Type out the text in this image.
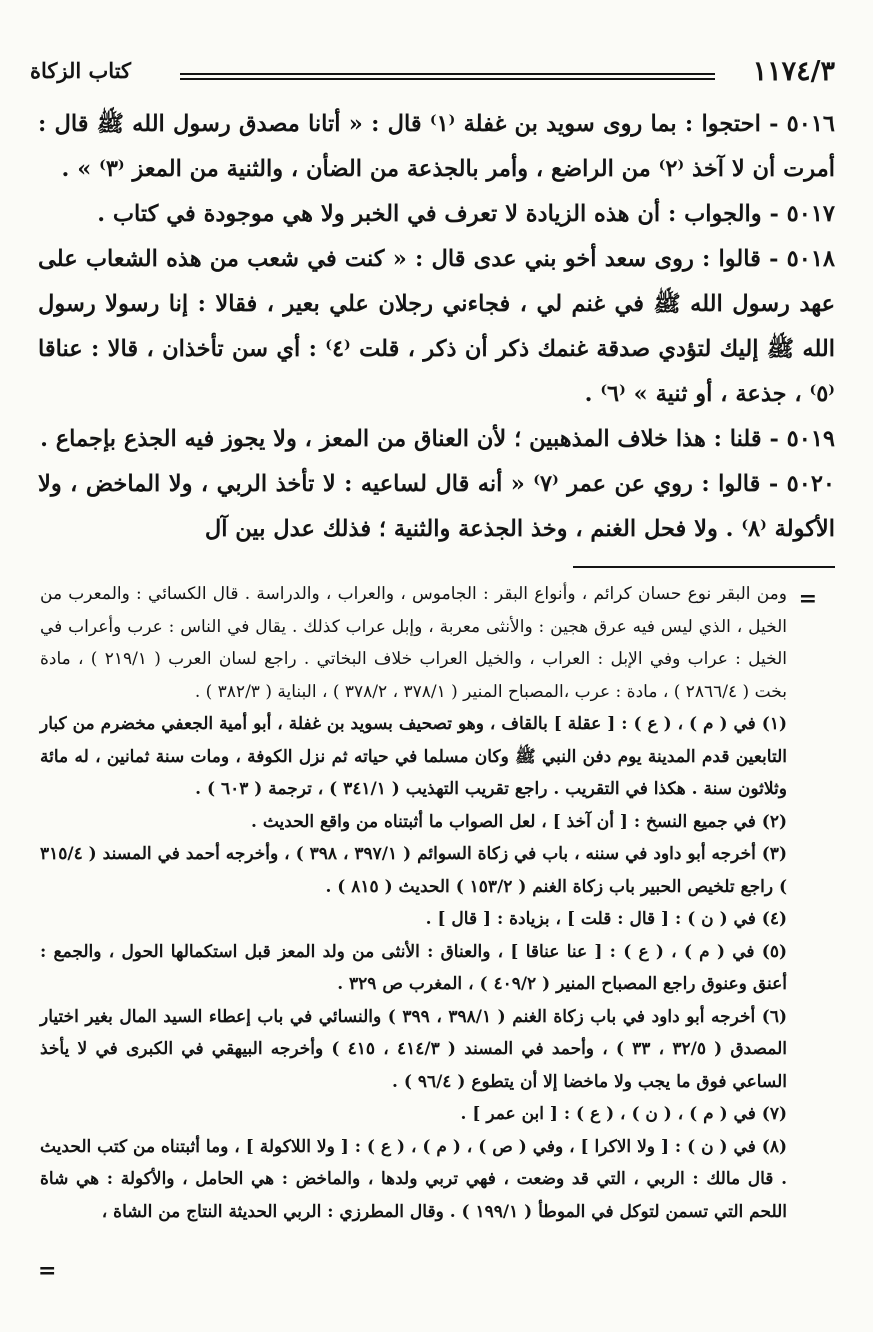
١١٧٤/٣
كتاب الزكاة

٥٠١٦ - احتجوا : بما روى سويد بن غفلة ⁽١⁾ قال : « أتانا مصدق رسول الله ﷺ قال : أمرت أن لا آخذ ⁽٢⁾ من الراضع ، وأمر بالجذعة من الضأن ، والثنية من المعز ⁽٣⁾ » .

٥٠١٧ - والجواب : أن هذه الزيادة لا تعرف في الخبر ولا هي موجودة في كتاب .

٥٠١٨ - قالوا : روى سعد أخو بني عدى قال : « كنت في شعب من هذه الشعاب على عهد رسول الله ﷺ في غنم لي ، فجاءني رجلان علي بعير ، فقالا : إنا رسولا رسول الله ﷺ إليك لتؤدي صدقة غنمك ذكر أن ذكر ، قلت ⁽٤⁾ : أي سن تأخذان ، قالا : عناقا ⁽٥⁾ ، جذعة ، أو ثنية » ⁽٦⁾ .

٥٠١٩ - قلنا : هذا خلاف المذهبين ؛ لأن العناق من المعز ، ولا يجوز فيه الجذع بإجماع .

٥٠٢٠ - قالوا : روي عن عمر ⁽٧⁾ « أنه قال لساعيه : لا تأخذ الربي ، ولا الماخض ، ولا الأكولة ⁽٨⁾ . ولا فحل الغنم ، وخذ الجذعة والثنية ؛ فذلك عدل بين آل

=
=

ومن البقر نوع حسان كرائم ، وأنواع البقر : الجاموس ، والعراب ، والدراسة . قال الكسائي : والمعرب من الخيل ، الذي ليس فيه عرق هجين : والأنثى معربة ، وإبل عراب كذلك . يقال في الناس : عرب وأعراب في الخيل : عراب وفي الإبل : العراب ، والخيل العراب خلاف البخاتي . راجع لسان العرب ( ٢١٩/١ ) ، مادة بخت ( ٢٨٦٦/٤ ) ، مادة : عرب ،المصباح المنير ( ٣٧٨/١ ، ٣٧٨/٢ ) ، البناية ( ٣٨٢/٣ ) .

(١) في ( م ) ، ( ع ) : [ عقلة ] بالقاف ، وهو تصحيف بسويد بن غفلة ، أبو أمية الجعفي مخضرم من كبار التابعين قدم المدينة يوم دفن النبي ﷺ وكان مسلما في حياته ثم نزل الكوفة ، ومات سنة ثمانين ، له مائة وثلاثون سنة . هكذا في التقريب . راجع تقريب التهذيب ( ٣٤١/١ ) ، ترجمة ( ٦٠٣ ) .

(٢) في جميع النسخ : [ أن آخذ ] ، لعل الصواب ما أثبتناه من واقع الحديث .

(٣) أخرجه أبو داود في سننه ، باب في زكاة السوائم ( ٣٩٧/١ ، ٣٩٨ ) ، وأخرجه أحمد في المسند ( ٣١٥/٤ ) راجع تلخيص الحبير باب زكاة الغنم ( ١٥٣/٢ ) الحديث ( ٨١٥ ) .

(٤) في ( ن ) : [ قال : قلت ] ، بزيادة : [ قال ] .

(٥) في ( م ) ، ( ع ) : [ عنا عناقا ] ، والعناق : الأنثى من ولد المعز قبل استكمالها الحول ، والجمع : أعنق وعنوق راجع المصباح المنير ( ٤٠٩/٢ ) ، المغرب ص ٣٢٩ .

(٦) أخرجه أبو داود في باب زكاة الغنم ( ٣٩٨/١ ، ٣٩٩ ) والنسائي في باب إعطاء السيد المال بغير اختيار المصدق ( ٣٢/٥ ، ٣٣ ) ، وأحمد في المسند ( ٤١٤/٣ ، ٤١٥ ) وأخرجه البيهقي في الكبرى في لا يأخذ الساعي فوق ما يجب ولا ماخضا إلا أن يتطوع ( ٩٦/٤ ) .

(٧) في ( م ) ، ( ن ) ، ( ع ) : [ ابن عمر ] .

(٨) في ( ن ) : [ ولا الاكرا ] ، وفي ( ص ) ، ( م ) ، ( ع ) : [ ولا اللاكولة ] ، وما أثبتناه من كتب الحديث . قال مالك : الربي ، التي قد وضعت ، فهي تربي ولدها ، والماخض : هي الحامل ، والأكولة : هي شاة اللحم التي تسمن لتوكل في الموطأ ( ١٩٩/١ ) . وقال المطرزي : الربي الحديثة النتاج من الشاة ،
